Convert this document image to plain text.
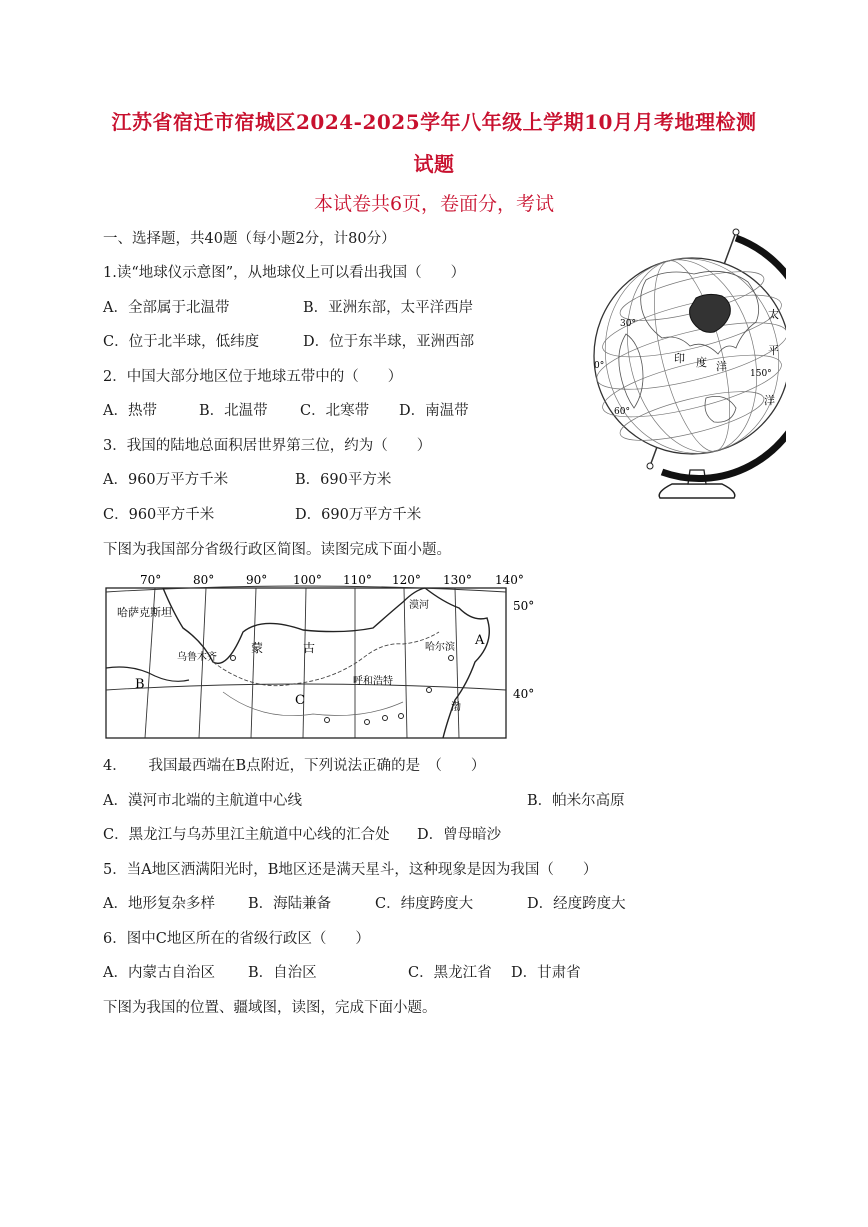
江苏省宿迁市宿城区2024-2025学年八年级上学期10月月考地理检测
试题
本试卷共6页，卷面分，考试
一、选择题，共40题（每小题2分，计80分）
1.读“地球仪示意图”，从地球仪上可以看出我国（　　）
A．全部属于北温带	B．亚洲东部，太平洋西岸
C．位于北半球，低纬度	D．位于东半球，亚洲西部
2．中国大部分地区位于地球五带中的（　　）
A．热带	B．北温带 C．北寒带 D．南温带
3．我国的陆地总面积居世界第三位，约为（　　）
A．960万平方千米	B．690平方米
C．960平方千米	D．690万平方千米
下图为我国部分省级行政区简图。读图完成下面小题。
太
平
洋
印 度 洋
30°
0°
150°
60°
70°	80°	90° 100° 110° 120° 130° 140°
50°
40°
哈萨克斯坦
乌鲁木齐
蒙	古
漠河
哈尔滨
呼和浩特
渤
A
B
C
4．　　我国最西端在B点附近，下列说法正确的是　（　　）
A．漠河市北端的主航道中心线	B．帕米尔高原
C．黑龙江与乌苏里江主航道中心线的汇合处 D．曾母暗沙
5．当A地区洒满阳光时，B地区还是满天星斗，这种现象是因为我国（　　）
A．地形复杂多样 B．海陆兼备	C．纬度跨度大	D．经度跨度大
6．图中C地区所在的省级行政区（　　）
A．内蒙古自治区 B．自治区	C．黑龙江省 D．甘肃省
下图为我国的位置、疆域图，读图，完成下面小题。
